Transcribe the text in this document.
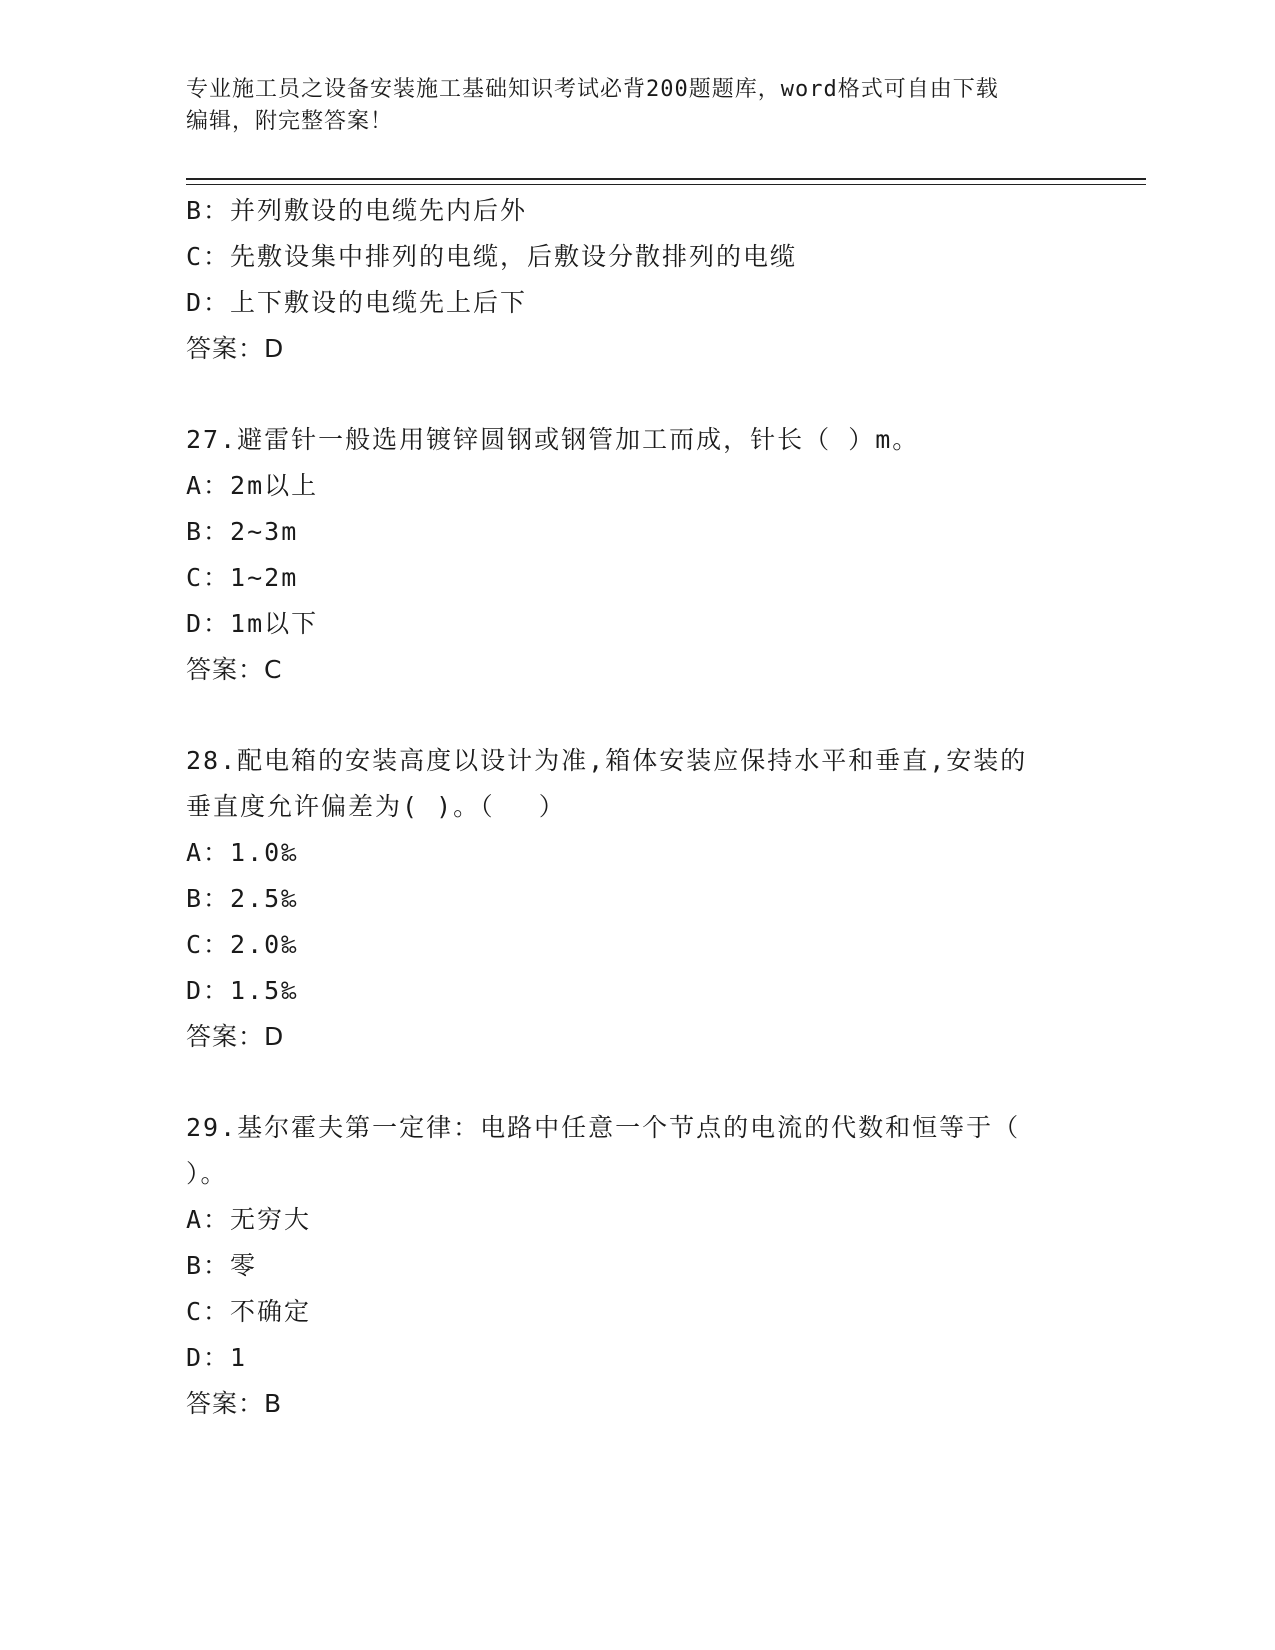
专业施工员之设备安装施工基础知识考试必背200题题库，word格式可自由下载
编辑，附完整答案！
B：并列敷设的电缆先内后外
C：先敷设集中排列的电缆，后敷设分散排列的电缆
D：上下敷设的电缆先上后下
答案：D
27.避雷针一般选用镀锌圆钢或钢管加工而成，针长（ ）m。
A：2m以上
B：2~3m
C：1~2m
D：1m以下
答案：C
28.配电箱的安装高度以设计为准,箱体安装应保持水平和垂直,安装的
垂直度允许偏差为( )。（　 ）
A：1.0‰
B：2.5‰
C：2.0‰
D：1.5‰
答案：D
29.基尔霍夫第一定律：电路中任意一个节点的电流的代数和恒等于（
）。
A：无穷大
B：零
C：不确定
D：1
答案：B
